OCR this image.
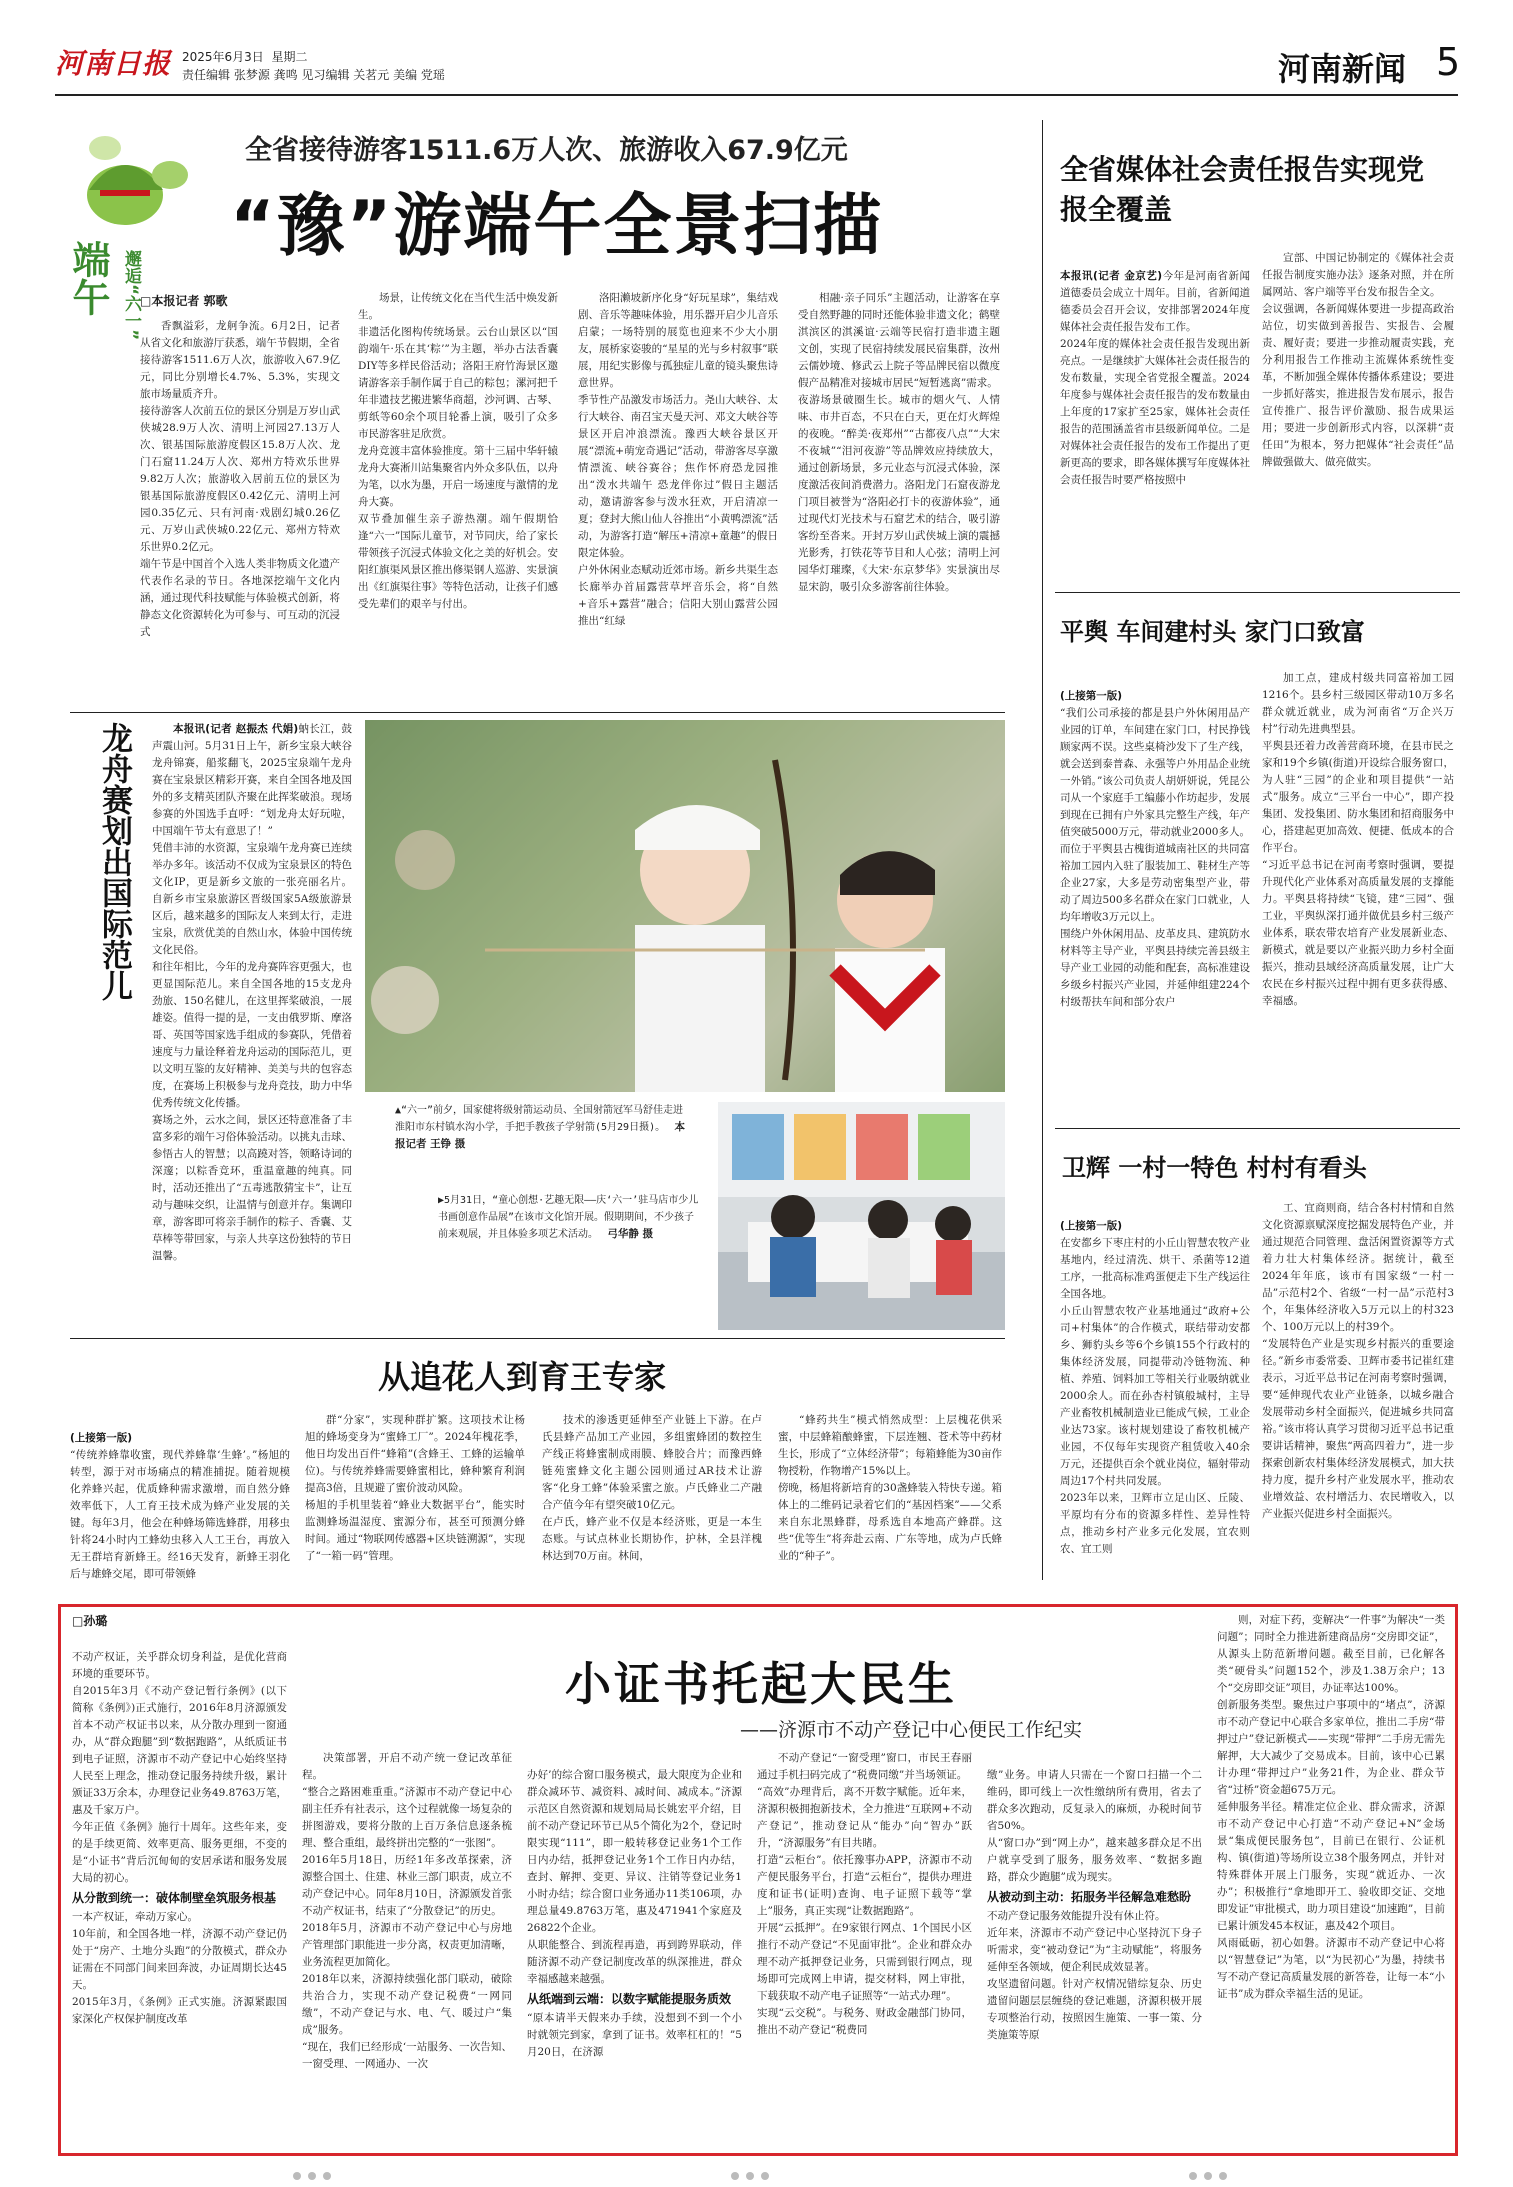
河南日报 2025年6月3日 星期二
责任编辑 张梦源 龚鸣 见习编辑 关茗元 美编 党瑶	河南新闻 5
端午 邂逅“六一”
全省接待游客1511.6万人次、旅游收入67.9亿元
“豫”游端午全景扫描
□本报记者 郭歌
香飘溢彩，龙舸争流。6月2日，记者从省文化和旅游厅获悉，端午节假期，全省接待游客1511.6万人次，旅游收入67.9亿元，同比分别增长4.7%、5.3%，实现文旅市场量质齐升。
接待游客人次前五位的景区分别是万岁山武侠城28.9万人次、清明上河园27.13万人次、银基国际旅游度假区15.8万人次、龙门石窟11.24万人次、郑州方特欢乐世界9.82万人次；旅游收入居前五位的景区为银基国际旅游度假区0.42亿元、清明上河园0.35亿元、只有河南·戏剧幻城0.26亿元、万岁山武侠城0.22亿元、郑州方特欢乐世界0.2亿元。
端午节是中国首个入选人类非物质文化遗产代表作名录的节日。各地深挖端午文化内涵，通过现代科技赋能与体验模式创新，将静态文化资源转化为可参与、可互动的沉浸式
场景，让传统文化在当代生活中焕发新生。
非遗活化图构传统场景。云台山景区以“国韵端午·乐在其‘粽’”为主题，举办古法香囊DIY等多样民俗活动；洛阳王府竹海景区邀请游客亲手制作属于自己的粽包；漯河把千年非遗技艺搬进繁华商超，沙河调、古琴、剪纸等60余个项目轮番上演，吸引了众多市民游客驻足欣赏。
龙舟竞渡丰富体验推度。第十三届中华轩辕龙舟大赛淅川站集聚省内外众多队伍，以舟为笔，以水为墨，开启一场速度与激情的龙舟大赛。
双节叠加催生亲子游热潮。端午假期恰逢“六一”国际儿童节，对节同庆，给了家长带领孩子沉浸式体验文化之美的好机会。安阳红旗渠风景区推出修渠钢人巡游、实景演出《红旗渠往事》等特色活动，让孩子们感受先辈们的艰辛与付出。
洛阳濑坡新序化身“好玩星球”，集结戏剧、音乐等趣味体验，用乐器开启少儿音乐启蒙；一场特别的展览也迎来不少大小朋友，展桥家姿骏的“星星的光与乡村叙事”联展，用纪实影像与孤独症儿童的镜头聚焦诗意世界。
季节性产品激发市场活力。尧山大峡谷、太行大峡谷、南召宝天曼天河、邓文大峡谷等景区开启冲浪漂流。豫西大峡谷景区开展“漂流+萌宠奇遇记”活动，带游客尽享激情漂流、峡谷赛谷；焦作怀府恐龙园推出“泼水共端午 恐龙伴你过”假日主题活动，邀请游客参与泼水狂欢，开启清凉一夏；登封大熊山仙人谷推出“小黄鸭漂流”活动，为游客打造“解压+清凉+童趣”的假日限定体验。
户外休闲业态赋动近郊市场。新乡共渠生态长廊举办首届露营草坪音乐会，将“自然+音乐+露营”融合；信阳大别山露营公园推出“红绿
相融·亲子同乐”主题活动，让游客在享受自然野趣的同时还能体验非遗文化；鹤壁淇滨区的淇溪谊·云端等民宿打造非遗主题文创，实现了民宿持续发展民宿集群，汝州云儒妙境、修武云上院子等品牌民宿以微度假产品精准对接城市居民“短暂逃离”需求。
夜游场景破圈生长。城市的烟火气、人情味、市井百态，不只在白天，更在灯火辉煌的夜晚。“醉美·夜郑州”“古都夜八点”“大宋不夜城”“泪河夜游”等品牌效应持续放大，通过创新场景，多元业态与沉浸式体验，深度激活夜间消费潜力。洛阳龙门石窟夜游龙门项目被誉为“洛阳必打卡的夜游体验”，通过现代灯光技术与石窟艺术的结合，吸引游客纷至沓来。开封万岁山武侠城上演的震撼光影秀，打铁花等节目和人心弦；清明上河园华灯璀璨，《大宋·东京梦华》实景演出尽显宋韵，吸引众多游客前往体验。
龙舟赛划出国际范儿	本报讯(记者 赵振杰 代娟)蚋长江，鼓声震山河。5月31日上午，新乡宝泉大峡谷龙舟锦赛，船浆翻飞，2025宝泉端午龙舟赛在宝泉景区精彩开赛，来自全国各地及国外的多支精英团队齐聚在此挥桨破浪。现场参赛的外国选手直呼：“划龙舟太好玩啦，中国端午节太有意思了！”
凭借丰沛的水资源，宝泉端午龙舟赛已连续举办多年。该活动不仅成为宝泉景区的特色文化IP，更是新乡文旅的一张亮丽名片。自新乡市宝泉旅游区晋级国家5A级旅游景区后，越来越多的国际友人来到太行，走进宝泉，欣赏优美的自然山水，体验中国传统文化民俗。
和往年相比，今年的龙舟赛阵容更强大，也更显国际范儿。来自全国各地的15支龙舟劲旅、150名健儿，在这里挥桨破浪，一展雄姿。值得一提的是，一支由俄罗斯、摩洛哥、英国等国家选手组成的参赛队，凭借着速度与力量诠释着龙舟运动的国际范儿，更以文明互鉴的友好精神、美美与共的包容态度，在赛场上积极参与龙舟竞技，助力中华优秀传统文化传播。
赛场之外，云水之间，景区还特意准备了丰富多彩的端午习俗体验活动。以挑丸击球、参悟古人的智慧；以高蹺对答，领略诗词的深邃；以粽香竞环，重温童趣的纯真。同时，活动还推出了“五毒逃散猜宝卡”，让互动与趣味交织，让温情与创意并存。集调印章，游客即可将亲手制作的粽子、香囊、艾草棒等带回家，与亲人共享这份独特的节日温馨。
▲“六一”前夕，国家健将级射箭运动员、全国射箭冠军马舒佳走进淮阳市东村镇水沟小学，手把手教孩子学射箭(5月29日摄)。 本报记者 王铮 摄
▶5月31日，“童心创想·艺趣无限——庆‘六一’驻马店市少儿书画创意作品展”在该市文化馆开展。假期期间，不少孩子前来观展，并且体验多项艺术活动。 弓华静 摄
从追花人到育王专家

(上接第一版)
“传统养蜂靠收蜜，现代养蜂靠‘生蜂’。”杨旭的转型，源于对市场痛点的精准捕捉。随着规模化养蜂兴起，优质蜂种需求激增，而自然分蜂效率低下，人工育王技术成为蜂产业发展的关键。每年3月，他会在种蜂场筛选蜂群，用移虫针将24小时内工蜂幼虫移入人工王台，再放入无王群培育新蜂王。经16天发育，新蜂王羽化后与雄蜂交尾，即可带领蜂

群“分家”，实现种群扩繁。这项技术让杨旭的蜂场变身为“蜜蜂工厂”。2024年槐花季，他日均发出百件“蜂箱”(含蜂王、工蜂的运输单位)。与传统养蜂需要蜂蜜相比，蜂种繁育利润提高3倍，且规避了蜜价波动风险。
杨旭的手机里装着“蜂业大数据平台”，能实时监测蜂场温湿度、蜜源分布，甚至可预测分蜂时间。通过“物联网传感器+区块链溯源”，实现了“一箱一码”管理。
技术的渗透更延伸至产业链上下游。在卢氏县蜂产品加工产业园，多组蜜蜂团的数控生产线正将蜂蜜制成雨膜、蜂胶合片；而豫西蜂链苑蜜蜂文化主题公园则通过AR技术让游客“化身工蜂”体验采蜜之旅。卢氏蜂业二产融合产值今年有望突破10亿元。
在卢氏，蜂产业不仅是本经济账，更是一本生态账。与试点林业长期协作，护林，全县洋槐林达到70万亩。林间，
“蜂药共生”模式悄然成型：上层槐花供采蜜，中层蜂箱酿蜂蜜，下层连翘、苍术等中药材生长，形成了“立体经济带”；每箱蜂能为30亩作物授粉，作物增产15%以上。
傍晚，杨旭将新培育的30盏蜂装入特快专递。箱体上的二维码记录着它们的“基因档案”——父系来自东北黑蜂群，母系选自本地高产蜂群。这些“优等生”将奔赴云南、广东等地，成为卢氏蜂业的“种子”。
全省媒体社会责任报告实现党报全覆盖

本报讯(记者 金京艺)今年是河南省新闻道德委员会成立十周年。目前，省新闻道德委员会召开会议，安排部署2024年度媒体社会责任报告发布工作。
2024年度的媒体社会责任报告发现出新亮点。一是继续扩大媒体社会责任报告的发布数量，实现全省党报全覆盖。2024年度参与媒体社会责任报告的发布数量由上年度的17家扩至25家，媒体社会责任报告的范围涵盖省市县级新闻单位。二是对媒体社会责任报告的发布工作提出了更新更高的要求，即各媒体撰写年度媒体社会责任报告时要严格按照中

宣部、中国记协制定的《媒体社会责任报告制度实施办法》逐条对照，并在所属网站、客户端等平台发布报告全文。
会议强调，各新闻媒体要进一步提高政治站位，切实做到善报告、实报告、会履责、履好责；要进一步推动履责实践，充分利用报告工作推动主流媒体系统性变革，不断加强全媒体传播体系建设；要进一步抓好落实，推进报告发布展示，报告宣传推广、报告评价激励、报告成果运用；要进一步创新形式内容，以深耕“责任田”为根本，努力把媒体“社会责任”品牌做强做大、做亮做实。
平舆 车间建村头 家门口致富

(上接第一版)
“我们公司承接的都是县户外休闲用品产业园的订单，车间建在家门口，村民挣钱顾家两不误。这些桌椅沙发下了生产线，就会送到泰普森、永强等户外用品企业统一外销。”该公司负责人胡妍妍说，凭昆公司从一个家庭手工编藤小作坊起步，发展到现在已拥有户外家具完整生产线，年产值突破5000万元，带动就业2000多人。
而位于平舆县古槐街道城南社区的共同富裕加工园内入驻了服装加工、鞋材生产等企业27家，大多是劳动密集型产业，带动了周边500多名群众在家门口就业，人均年增收3万元以上。
围绕户外休闲用品、皮革皮具、建筑防水材料等主导产业，平舆县持续完善县级主导产业工业园的动能和配套，高标准建设乡级乡村振兴产业园，并延伸组建224个村级帮扶车间和部分农户

加工点，建成村级共同富裕加工园1216个。县乡村三级园区带动10万多名群众就近就业，成为河南省“万企兴万村”行动先进典型县。
平舆县还着力改善营商环境，在县市民之家和19个乡镇(街道)开设综合服务窗口，为人驻“三园”的企业和项目提供“一站式”服务。成立“三平台一中心”，即产投集团、发投集团、防水集团和招商服务中心，搭建起更加高效、便捷、低成本的合作平台。
“习近平总书记在河南考察时强调，要提升现代化产业体系对高质量发展的支撑能力。平舆县将持续“飞镜，建“三园”、强工业，平舆纵深打通并做优县乡村三级产业体系，联农带农培育产业发展新业态、新模式，就是要以产业振兴助力乡村全面振兴，推动县域经济高质量发展，让广大农民在乡村振兴过程中拥有更多获得感、幸福感。
卫辉 一村一特色 村村有看头

(上接第一版)
在安都乡下枣庄村的小丘山智慧农牧产业基地内，经过清洗、烘干、杀菌等12道工序，一批高标准鸡蛋便走下生产线运往全国各地。
小丘山智慧农牧产业基地通过“政府+公司+村集体”的合作模式，联结带动安都乡、狮豹头乡等6个乡镇155个行政村的集体经济发展，同提带动冷链物流、种植、养殖、饲料加工等相关行业吸纳就业2000余人。而在孙杏村镇般城村，主导产业畜牧机械制造业已能成气候，工业企业达73家。该村规划建设了畜牧机械产业园，不仅每年实现资产租赁收入40余万元，还提供百余个就业岗位，辐射带动周边17个村共同发展。
2023年以来，卫辉市立足山区、丘陵、平原均有分布的资源多样性、差异性特点，推动乡村产业多元化发展，宜农则农、宜工则

工、宜商则商，结合各村村情和自然文化资源禀赋深度挖掘发展特色产业，并通过规范合同管理、盘活闲置资源等方式着力壮大村集体经济。据统计，截至2024年年底，该市有国家级“一村一品”示范村2个、省级“一村一品”示范村3个，年集体经济收入5万元以上的村323个、100万元以上的村39个。
“发展特色产业是实现乡村振兴的重要途径。”新乡市委常委、卫辉市委书记崔红建表示，习近平总书记在河南考察时强调，要“延伸现代农业产业链条，以城乡融合发展带动乡村全面振兴，促进城乡共同富裕。”该市将认真学习贯彻习近平总书记重要讲话精神，聚焦“两高四着力”，进一步探索创新农村集体经济发展模式，加大扶持力度，提升乡村产业发展水平，推动农业增效益、农村增活力、农民增收入，以产业振兴促进乡村全面振兴。
□孙璐
小证书托起大民生
——济源市不动产登记中心便民工作纪实

不动产权证，关乎群众切身利益，是优化营商环境的重要环节。
自2015年3月《不动产登记暂行条例》(以下简称《条例》)正式施行，2016年8月济源颁发首本不动产权证书以来，从分散办理到一窗通办，从“群众跑腿”到“数据跑路”，从纸质证书到电子证照，济源市不动产登记中心始终坚持人民至上理念，推动登记服务持续升级，累计颁证33万余本，办理登记业务49.8763万笔，惠及千家万户。
今年正值《条例》施行十周年。这些年来，变的是手续更简、效率更高、服务更细，不变的是“小证书”背后沉甸甸的安居承诺和服务发展大局的初心。

从分散到统一：破体制壁垒筑服务根基
一本产权证，牵动万家心。
10年前，和全国各地一样，济源不动产登记仍处于“房产、土地分头跑”的分散模式，群众办证需在不同部门间来回奔波，办证周期长达45天。
2015年3月，《条例》正式实施。济源紧跟国家深化产权保护制度改革

决策部署，开启不动产统一登记改革征程。
“整合之路困难重重。”济源市不动产登记中心副主任乔有社表示，这个过程就像一场复杂的拼图游戏，要将分散的上百万条信息逐条梳理、整合重组，最终拼出完整的“一张图”。
2016年5月18日，历经1年多改革探索，济源整合国土、住建、林业三部门职责，成立不动产登记中心。同年8月10日，济源颁发首张不动产权证书，结束了“分散登记”的历史。
2018年5月，济源市不动产登记中心与房地产管理部门职能进一步分离，权责更加清晰，业务流程更加简化。
2018年以来，济源持续强化部门联动，破除共治合力，实现不动产登记税费“一网同缴”，不动产登记与水、电、气、暖过户“集成”服务。
“现在，我们已经形成‘一站服务、一次告知、一窗受理、一网通办、一次

办好’的综合窗口服务模式，最大限度为企业和群众减环节、减资料、减时间、减成本。”济源示范区自然资源和规划局局长姚宏平介绍，目前不动产登记环节已从5个简化为2个，登记时限实现“111”，即一般转移登记业务1个工作日内办结，抵押登记业务1个工作日内办结，查封、解押、变更、异议、注销等登记业务1小时办结；综合窗口业务通办11类106项，办理总量49.8763万笔，惠及471941个家庭及26822个企业。
从职能整合、到流程再造，再到跨界联动，伴随济源不动产登记制度改革的纵深推进，群众幸福感越来越强。

从纸端到云端：以数字赋能提服务质效
“原本请半天假来办手续，没想到不到一个小时就领完到家，拿到了证书。效率杠杠的！”5月20日，在济源

不动产登记“一窗受理”窗口，市民王春丽通过手机扫码完成了“税费同缴”并当场领证。
“高效”办理背后，离不开数字赋能。近年来，济源积极拥抱新技术，全力推进“互联网+不动产登记”，推动登记从“能办”向“智办”跃升，“济源服务”有目共睹。
打造“云柜台”。依托豫事办APP，济源市不动产便民服务平台，打造“云柜台”，提供办理进度和证书(证明)查询、电子证照下载等“掌上”服务，真正实现“让数据跑路”。
开展“云抵押”。在9家银行网点、1个国民小区推行不动产登记“不见面审批”。企业和群众办理不动产抵押登记业务，只需到银行网点，现场即可完成网上申请，提交材料，网上审批，下载获取不动产电子证照等“一站式办理”。
实现“云交税”。与税务、财政金融部门协同，推出不动产登记“税费同

缴”业务。申请人只需在一个窗口扫描一个二维码，即可线上一次性缴纳所有费用，省去了群众多次跑动，反复录入的麻烦，办税时间节省50%。
从“窗口办”到“网上办”，越来越多群众足不出户就享受到了服务，服务效率、“数据多跑路，群众少跑腿”成为现实。

从被动到主动：拓服务半径解急难愁盼
不动产登记服务效能提升没有休止符。
近年来，济源市不动产登记中心坚持沉下身子听需求，变“被动登记”为“主动赋能”，将服务延伸至各领域，便企利民成效显著。
攻坚遗留问题。针对产权情况错综复杂、历史遗留问题层层缠绕的登记难题，济源积极开展专项整治行动，按照因生施策、一事一策、分类施策等原

则，对症下药，变解决“一件事”为解决“一类问题”；同时全力推进新建商品房“交房即交证”，从源头上防范新增问题。截至目前，已化解各类“硬骨头”问题152个，涉及1.38万余户；13个“交房即交证”项目，办证率达100%。
创新服务类型。聚焦过户事项中的“堵点”，济源市不动产登记中心联合多家单位，推出二手房“带押过户”登记新模式——实现“带押”二手房无需先解押，大大减少了交易成本。目前，该中心已累计办理“带押过户”业务21件，为企业、群众节省“过桥”资金超675万元。
延伸服务半径。精准定位企业、群众需求，济源市不动产登记中心打造“不动产登记+N”金场景“集成便民服务包”，目前已在银行、公证机构、镇(街道)等场所设立38个服务网点，并针对特殊群体开展上门服务，实现“就近办、一次办”；积极推行“拿地即开工、验收即交证、交地即发证”审批模式，助力项目建设“加速跑”，目前已累计颁发45本权证，惠及42个项目。
风雨砥砺，初心如磐。济源市不动产登记中心将以“智慧登记”为笔，以“为民初心”为墨，持续书写不动产登记高质量发展的新答卷，让每一本“小证书”成为群众幸福生活的见证。
